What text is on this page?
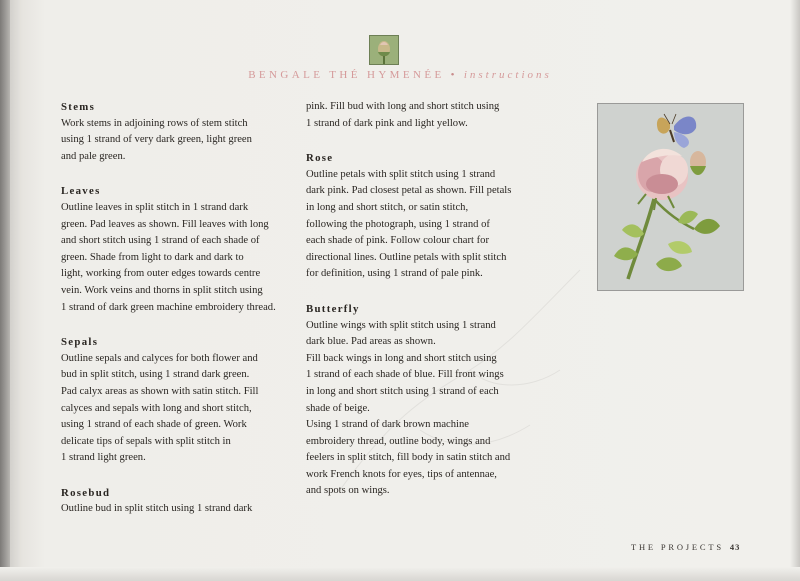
BENGALE THÉ HYMENÉE • instructions

Stems

Work stems in adjoining rows of stem stitch
using 1 strand of very dark green, light green
and pale green.

Leaves

Outline leaves in split stitch in 1 strand dark
green. Pad leaves as shown. Fill leaves with long
and short stitch using 1 strand of each shade of
green. Shade from light to dark and dark to
light, working from outer edges towards centre
vein. Work veins and thorns in split stitch using
1 strand of dark green machine embroidery thread.

Sepals

Outline sepals and calyces for both flower and
bud in split stitch, using 1 strand dark green.
Pad calyx areas as shown with satin stitch. Fill
calyces and sepals with long and short stitch,
using 1 strand of each shade of green. Work
delicate tips of sepals with split stitch in
1 strand light green.

Rosebud

Outline bud in split stitch using 1 strand dark

pink. Fill bud with long and short stitch using
1 strand of dark pink and light yellow.

Rose

Outline petals with split stitch using 1 strand
dark pink. Pad closest petal as shown. Fill petals
in long and short stitch, or satin stitch,
following the photograph, using 1 strand of
each shade of pink. Follow colour chart for
directional lines. Outline petals with split stitch
for definition, using 1 strand of pale pink.

Butterfly

Outline wings with split stitch using 1 strand
dark blue. Pad areas as shown.
Fill back wings in long and short stitch using
1 strand of each shade of blue. Fill front wings
in long and short stitch using 1 strand of each
shade of beige.
Using 1 strand of dark brown machine
embroidery thread, outline body, wings and
feelers in split stitch, fill body in satin stitch and
work French knots for eyes, tips of antennae,
and spots on wings.

THE PROJECTS 43
